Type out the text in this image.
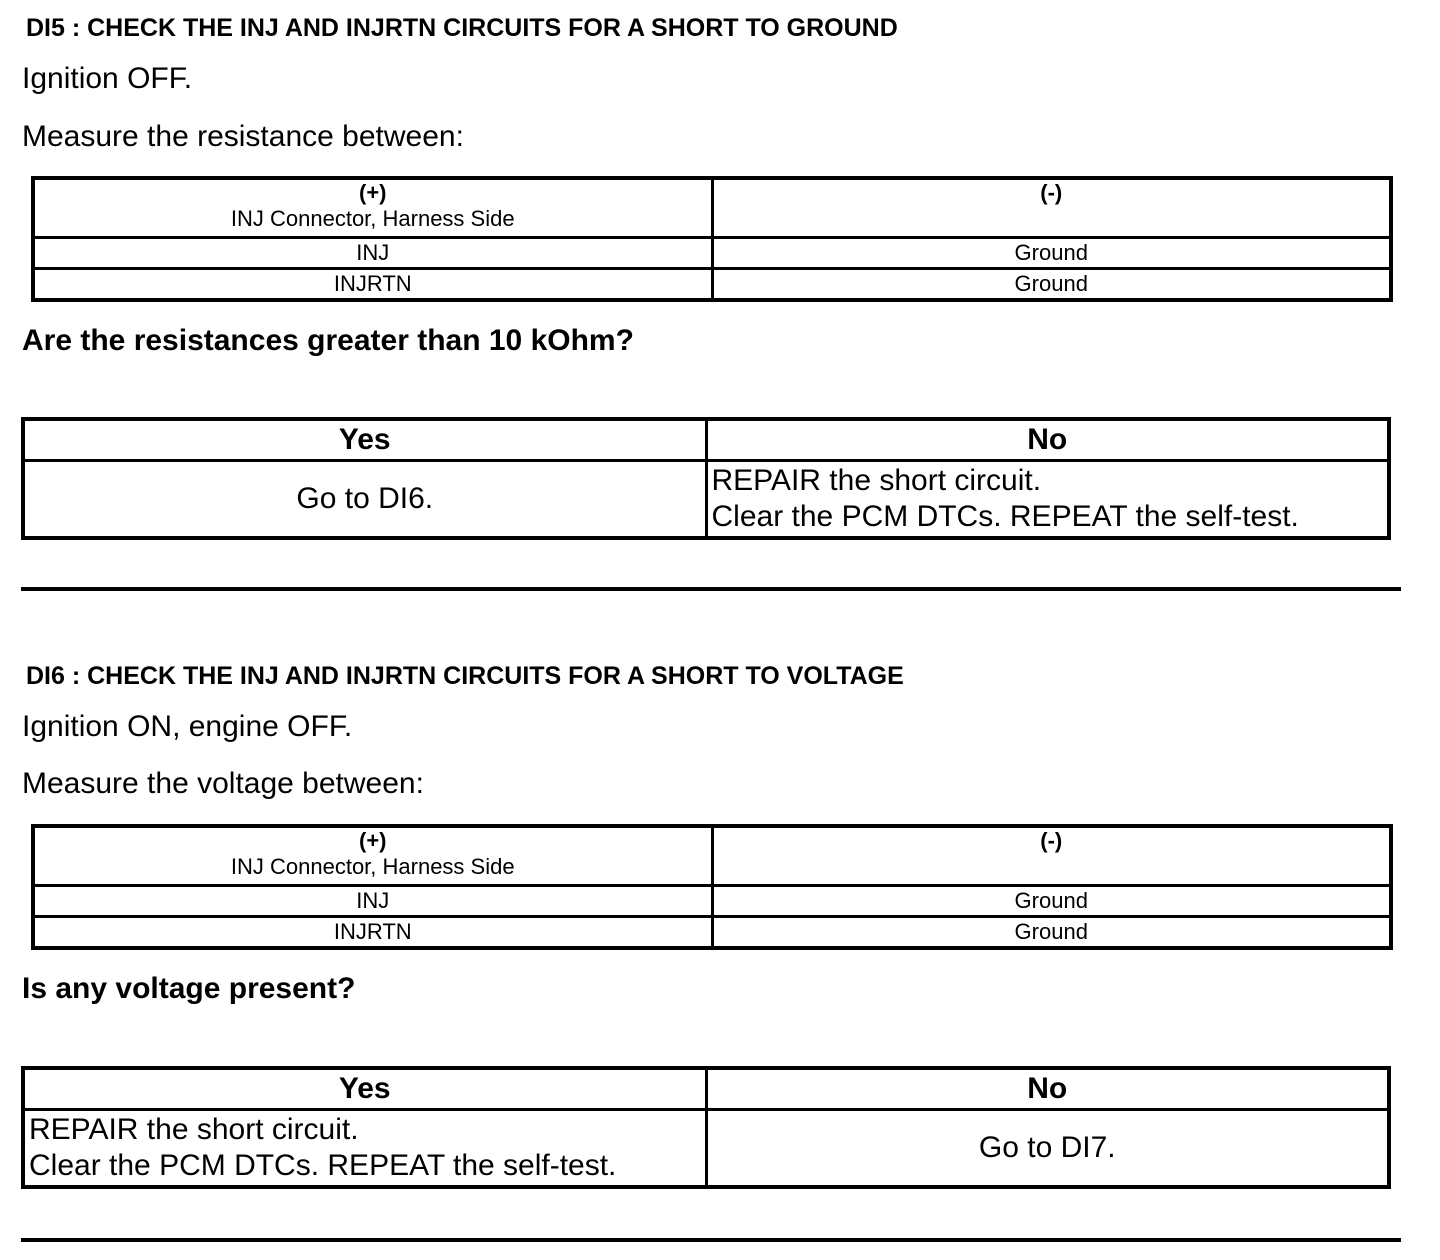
DI5 : CHECK THE INJ AND INJRTN CIRCUITS FOR A SHORT TO GROUND
Ignition OFF.
Measure the resistance between:
(+)
INJ Connector, Harness Side	(-)

INJ	Ground
INJRTN	Ground
Are the resistances greater than 10 kOhm?
Yes	No

Go to DI6.	REPAIR the short circuit.
Clear the PCM DTCs. REPEAT the self-test.
DI6 : CHECK THE INJ AND INJRTN CIRCUITS FOR A SHORT TO VOLTAGE
Ignition ON, engine OFF.
Measure the voltage between:
(+)
INJ Connector, Harness Side	(-)

INJ	Ground
INJRTN	Ground
Is any voltage present?
Yes	No

REPAIR the short circuit.
Clear the PCM DTCs. REPEAT the self-test.	Go to DI7.
